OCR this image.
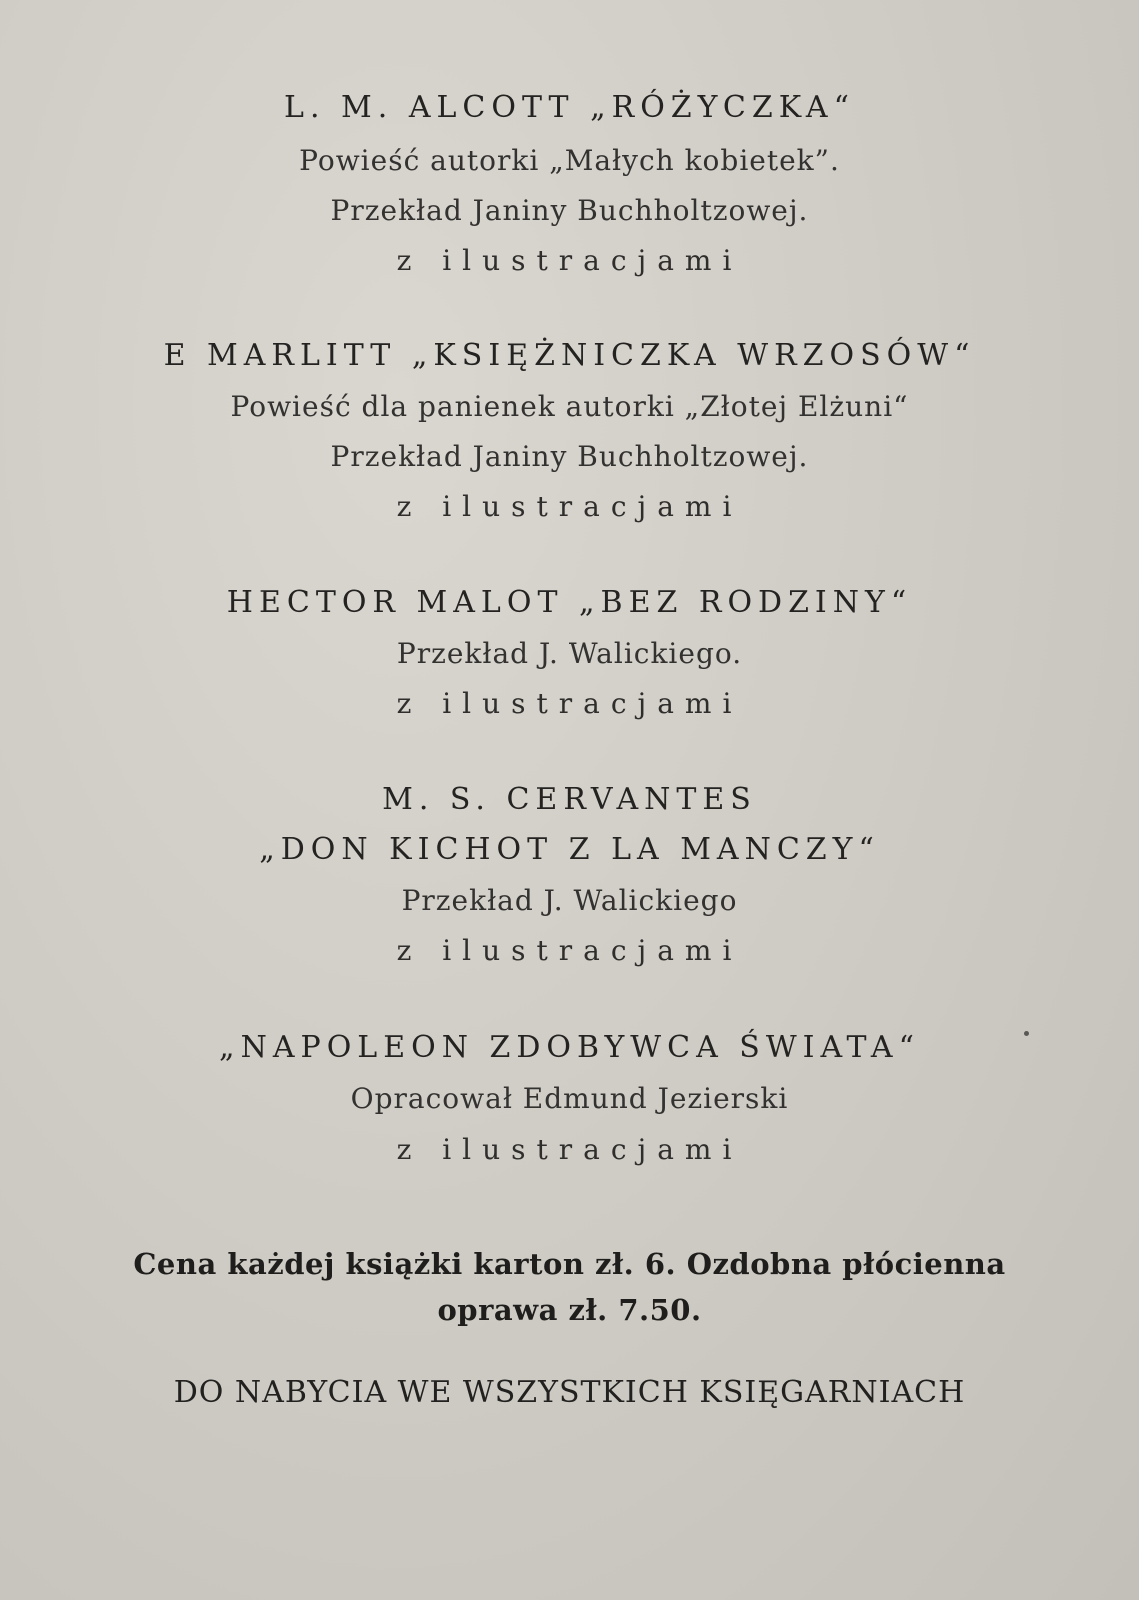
L. M. ALCOTT „RÓŻYCZKA“
Powieść autorki „Małych kobietek”.
Przekład Janiny Buchholtzowej.
z ilustracjami
E MARLITT „KSIĘŻNICZKA WRZOSÓW“
Powieść dla panienek autorki „Złotej Elżuni“
Przekład Janiny Buchholtzowej.
z ilustracjami
HECTOR MALOT „BEZ RODZINY“
Przekład J. Walickiego.
z ilustracjami
M. S. CERVANTES
„DON KICHOT Z LA MANCZY“
Przekład J. Walickiego
z ilustracjami
„NAPOLEON ZDOBYWCA ŚWIATA“
Opracował Edmund Jezierski
z ilustracjami
Cena każdej książki karton zł. 6. Ozdobna płócienna
oprawa zł. 7.50.
DO NABYCIA WE WSZYSTKICH KSIĘGARNIACH
